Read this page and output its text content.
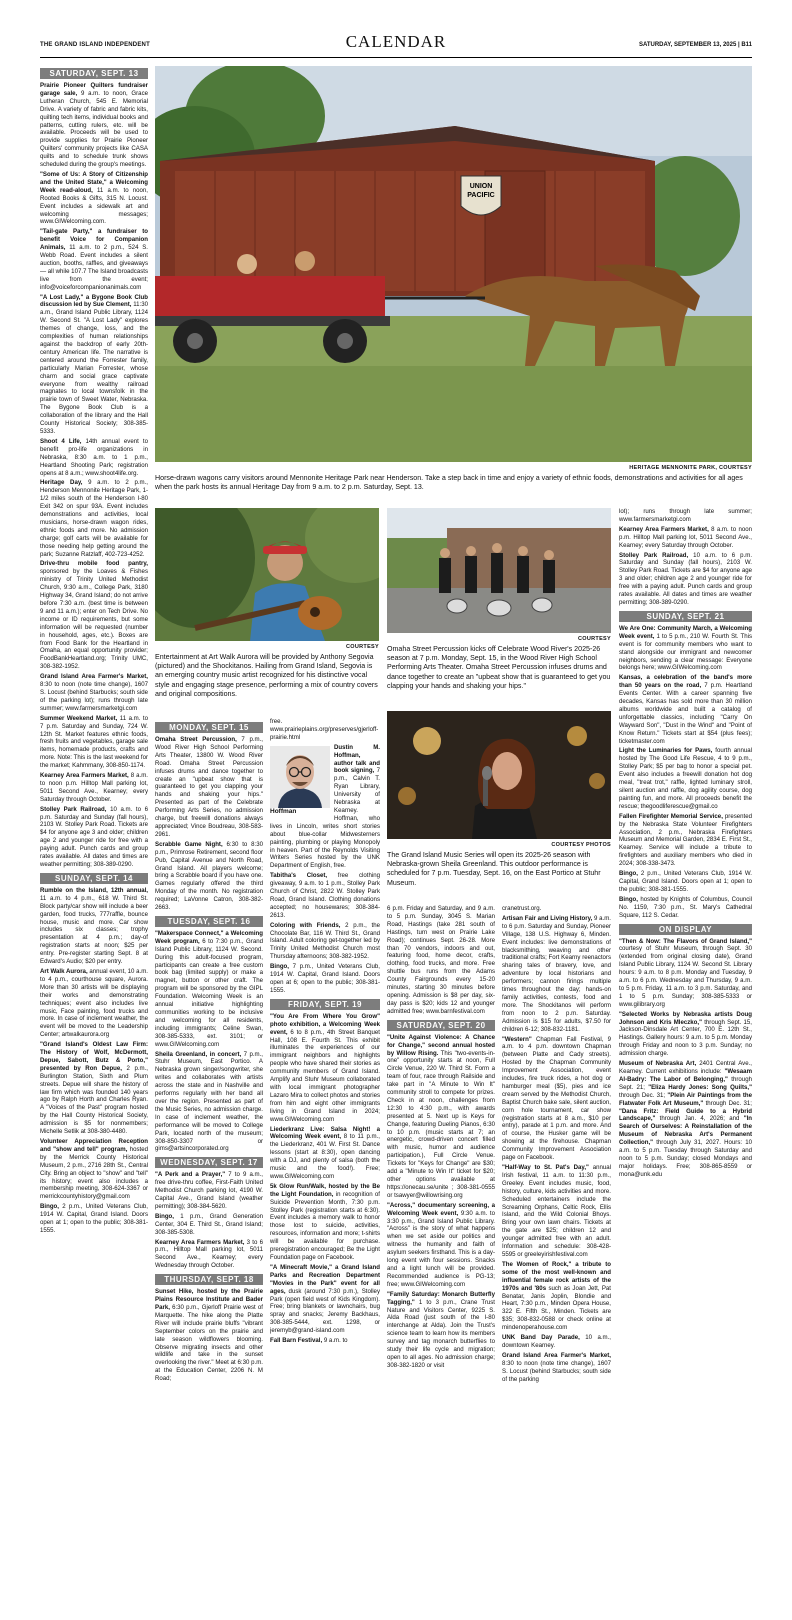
THE GRAND ISLAND INDEPENDENT	CALENDAR	SATURDAY, SEPTEMBER 13, 2025 | B11
UNION
PACIFIC
HERITAGE MENNONITE PARK, COURTESY
Horse-drawn wagons carry visitors around Mennonite Heritage Park near Henderson. Take a step back in time and enjoy a variety of ethnic foods, demonstrations and activities for all ages when the park hosts its annual Heritage Day from 9 a.m. to 2 p.m. Saturday, Sept. 13.
COURTESY
Entertainment at Art Walk Aurora will be provided by Anthony Segovia (pictured) and the Shockitanos. Hailing from Grand Island, Segovia is an emerging country music artist recognized for his distinctive vocal style and engaging stage presence, performing a mix of country covers and original compositions.
COURTESY
Omaha Street Percussion kicks off Celebrate Wood River's 2025-26 season at 7 p.m. Monday, Sept. 15, in the Wood River High School Performing Arts Theater. Omaha Street Percussion infuses drums and dance together to create an "upbeat show that is guaranteed to get you clapping your hands and shaking your hips."
COURTESY PHOTOS
The Grand Island Music Series will open its 2025-26 season with Nebraska-grown Sheila Greenland. This outdoor performance is scheduled for 7 p.m. Tuesday, Sept. 16, on the East Portico at Stuhr Museum.
SATURDAY, SEPT. 13

Prairie Pioneer Quilters fundraiser garage sale, 9 a.m. to noon, Grace Lutheran Church, 545 E. Memorial Drive. A variety of fabric and fabric kits, quilting tech items, individual books and patterns, cutting rulers, etc. will be available. Proceeds will be used to provide supplies for Prairie Pioneer Quilters' community projects like CASA quilts and to schedule trunk shows scheduled during the group's meetings.

"Some of Us: A Story of Citizenship and the United State," a Welcoming Week read-aloud, 11 a.m. to noon, Rooted Books & Gifts, 315 N. Locust. Event includes a sidewalk art and welcoming messages; www.GIWelcoming.com.

"Tail-gate Party," a fundraiser to benefit Voice for Companion Animals, 11 a.m. to 2 p.m., 524 S. Webb Road. Event includes a silent auction, booths, raffles, and giveaways — all while 107.7 The Island broadcasts live from the event; info@voiceforcompanionanimals.com

"A Lost Lady," a Bygone Book Club discussion led by Sue Clement, 11:30 a.m., Grand Island Public Library, 1124 W. Second St. "A Lost Lady" explores themes of change, loss, and the complexities of human relationships against the backdrop of early 20th-century American life. The narrative is centered around the Forrester family, particularly Marian Forrester, whose charm and social grace captivate everyone from wealthy railroad magnates to local townsfolk in the prairie town of Sweet Water, Nebraska. The Bygone Book Club is a collaboration of the library and the Hall County Historical Society; 308-385-5333.

Shoot 4 Life, 14th annual event to benefit pro-life organizations in Nebraska, 8:30 a.m. to 1 p.m., Heartland Shooting Park; registration opens at 8 a.m.; www.shoot4life.org.

Heritage Day, 9 a.m. to 2 p.m., Henderson Mennonite Heritage Park, 1-1/2 miles south of the Henderson I-80 Exit 342 on spur 93A. Event includes demonstrations and activities, local musicians, horse-drawn wagon rides, ethnic foods and more. No admission charge; golf carts will be available for those needing help getting around the park; Suzanne Ratzlaff, 402-723-4252.

Drive-thru mobile food pantry, sponsored by the Loaves & Fishes ministry of Trinity United Methodist Church, 9:30 a.m., College Park, 3180 Highway 34, Grand Island; do not arrive before 7:30 a.m. (best time is between 9 and 11 a.m.); enter on Tech Drive. No income or ID requirements, but some information will be requested (number in household, ages, etc.). Boxes are from Food Bank for the Heartland in Omaha, an equal opportunity provider; FoodBankHeartland.org; Trinity UMC, 308-382-1952.

Grand Island Area Farmer's Market, 8:30 to noon (note time change), 1607 S. Locust (behind Starbucks; south side of the parking lot); runs through late summer; www.farmersmarketgi.com

Summer Weekend Market, 11 a.m. to 7 p.m. Saturday and Sunday, 724 W. 12th St. Market features ethnic foods, fresh fruits and vegetables, garage sale items, homemade products, crafts and more. Note: This is the last weekend for the market; Kahmmany, 308-850-1174.

Kearney Area Farmers Market, 8 a.m. to noon p.m. Hilltop Mall parking lot, 5011 Second Ave., Kearney; every Saturday through October.

Stolley Park Railroad, 10 a.m. to 6 p.m. Saturday and Sunday (fall hours), 2103 W. Stolley Park Road. Tickets are $4 for anyone age 3 and older; children age 2 and younger ride for free with a paying adult. Punch cards and group rates available. All dates and times are weather permitting; 308-389-0290.

SUNDAY, SEPT. 14

Rumble on the Island, 12th annual, 11 a.m. to 4 p.m., 618 W. Third St. Block party/car show will include a beer garden, food trucks, 777raffle, bounce house, music and more. Car show includes six classes; trophy presentation at 4 p.m.; day-of registration starts at noon; $25 per entry. Pre-register starting Sept. 8 at Edward's Audio; $20 per entry.

Art Walk Aurora, annual event, 10 a.m. to 4 p.m., courthouse square, Aurora. More than 30 artists will be displaying their works and demonstrating techniques; event also includes live music, Face painting, food trucks and more. In case of inclement weather, the event will be moved to the Leadership Center; artwalkaurora.org

"Grand Island's Oldest Law Firm: The History of Wolf, McDermott, Depue, Sabott, Butz & Porto," presented by Ron Depue, 2 p.m., Burlington Station, Sixth and Plum streets. Depue will share the history of law firm which was founded 140 years ago by Ralph Horth and Charles Ryan. A "Voices of the Past" program hosted by the Hall County Historical Society, admission is $5 for nonmembers; Michelle Setlik at 308-380-4480.

Volunteer Appreciation Reception and "show and tell" program, hosted by the Merrick County Historical Museum, 2 p.m., 2716 28th St., Central City. Bring an object to "show" and "tell" its history; event also includes a membership meeting, 308-624-3367 or merrickcountyhistory@gmail.com

Bingo, 2 p.m., United Veterans Club, 1914 W. Capital, Grand Island. Doors open at 1; open to the public; 308-381-1555.

MONDAY, SEPT. 15

Omaha Street Percussion, 7 p.m., Wood River High School Performing Arts Theater, 13800 W. Wood River Road. Omaha Street Percussion infuses drums and dance together to create an "upbeat show that is guaranteed to get you clapping your hands and shaking your hips." Presented as part of the Celebrate Performing Arts Series, no admission charge, but freewill donations always appreciated; Vince Boudreau, 308-583-2961.

Scrabble Game Night, 6:30 to 8:30 p.m., Primrose Retirement, second floor Pub, Capital Avenue and North Road, Grand Island. All players welcome; bring a Scrabble board if you have one. Games regularly offered the third Monday of the month. No registration required; LaVonne Catron, 308-382-2663.

TUESDAY, SEPT. 16

"Makerspace Connect," a Welcoming Week program, 6 to 7:30 p.m., Grand Island Public Library, 1124 W. Second. During this adult-focused program, participants can create a free custom book bag (limited supply) or make a magnet, button or other craft. The program will be sponsored by the GIPL Foundation. Welcoming Week is an annual initiative highlighting communities working to be inclusive and welcoming for all residents, including immigrants; Celine Swan, 308-385-5333, ext. 3101; or www.GIWelcoming.com

Sheila Greenland, in concert, 7 p.m., Stuhr Museum, East Portico. A Nebraska grown singer/songwriter, she writes and collaborates with artists across the state and in Nashville and performs regularly with her band all over the region. Presented as part of the Music Series, no admission charge. In case of inclement weather, the performance will be moved to College Park, located north of the museum; 308-850-3307 or gims@artsincorporated.org

WEDNESDAY, SEPT. 17

"A Perk and a Prayer," 7 to 9 a.m., free drive-thru coffee, First-Faith United Methodist Church parking lot, 4190 W. Capital Ave., Grand Island (weather permitting); 308-384-5620.

Bingo, 1 p.m., Grand Generation Center, 304 E. Third St., Grand Island; 308-385-5308.

Kearney Area Farmers Market, 3 to 6 p.m., Hilltop Mall parking lot, 5011 Second Ave., Kearney; every Wednesday through October.

THURSDAY, SEPT. 18

Sunset Hike, hosted by the Prairie Plains Resource Institute and Bader Park, 6:30 p.m., Gjerloff Prairie west of Marquette. The hike along the Platte River will include prairie bluffs "vibrant September colors on the prairie and late season wildflowers blooming. Observe migrating insects and other wildlife and take in the sunset overlooking the river." Meet at 6:30 p.m. at the Education Center, 2206 N. M Road;

free. www.prairieplains.org/preserves/gjerloff-prairie.html

Hoffman

Dustin M. Hoffman, author talk and book signing, 7 p.m., Calvin T. Ryan Library, University of Nebraska at Kearney. Hoffman, who lives in Lincoln, writes short stories about blue-collar Midwesterners painting, plumbing or playing Monopoly in heaven. Part of the Reynolds Visiting Writers Series hosted by the UNK Department of English, free.

Tabitha's Closet, free clothing giveaway, 9 a.m. to 1 p.m., Stolley Park Church of Christ, 2822 W. Stolley Park Road, Grand Island. Clothing donations accepted; no housewares; 308-384-2613.

Coloring with Friends, 2 p.m., the Chocolate Bar, 116 W. Third St., Grand Island. Adult coloring get-together led by Trinity United Methodist Church most Thursday afternoons; 308-382-1952.

Bingo, 7 p.m., United Veterans Club, 1914 W. Capital, Grand Island. Doors open at 6; open to the public; 308-381-1555.

FRIDAY, SEPT. 19

"You Are From Where You Grow" photo exhibition, a Welcoming Week event, 6 to 8 p.m., 4th Street Banquet Hall, 108 E. Fourth St. This exhibit illuminates the experiences of our immigrant neighbors and highlights people who have shared their stories as community members of Grand Island. Amplify and Stuhr Museum collaborated with local immigrant photographer Lazaro Mira to collect photos and stories from him and eight other immigrants living in Grand Island in 2024; www.GIWelcoming.com

Liederkranz Live: Salsa Night! a Welcoming Week event, 8 to 11 p.m., the Liederkranz, 401 W. First St. Dance lessons (start at 8:30), open dancing with a DJ, and plenty of salsa (both the music and the food!). Free; www.GIWelcoming.com

5k Glow Run/Walk, hosted by the Be the Light Foundation, in recognition of Suicide Prevention Month, 7:30 p.m. Stolley Park (registration starts at 6:30). Event includes a memory walk to honor those lost to suicide, activities, resources, information and more; t-shirts will be available for purchase. preregistration encouraged; Be the Light Foundation page on Facebook.

"A Minecraft Movie," a Grand Island Parks and Recreation Department "Movies in the Park" event for all ages, dusk (around 7:30 p.m.), Stolley Park (open field west of Kids Kingdom). Free; bring blankets or lawnchairs, bug spray and snacks; Jeremy Backhaus, 308-385-5444, ext. 1298, or jeremyb@grand-island.com

Fall Barn Festival, 9 a.m. to

6 p.m. Friday and Saturday, and 9 a.m. to 5 p.m. Sunday, 3045 S. Marian Road, Hastings (take 281 south of Hastings, turn west on Prairie Lake Road); continues Sept. 26-28. More than 70 vendors, indoors and out, featuring food, home decor, crafts, clothing, food trucks, and more. Free shuttle bus runs from the Adams County Fairgrounds every 15-20 minutes, starting 30 minutes before opening. Admission is $8 per day, six-day pass is $20; kids 12 and younger admitted free; www.barnfestival.com

SATURDAY, SEPT. 20

"Unite Against Violence: A Chance for Change," second annual hosted by Willow Rising. This "two-events-in-one" opportunity starts at noon, Full Circle Venue, 220 W. Third St. Form a team of four, race through Railside and take part in "A Minute to Win It" community stroll to compete for prizes. Check in at noon, challenges from 12:30 to 4:30 p.m., with awards presented at 5. Next up is Keys for Change, featuring Dueling Pianos, 6:30 to 10 p.m. (music starts at 7; an energetic, crowd-driven concert filled with music, humor and audience participation.), Full Circle Venue. Tickets for "Keys for Change" are $30; add a "Minute to Win It" ticket for $20; other options available at https://onecau.se/unite ; 308-381-0555 or tsawyer@willowrising.org

"Across," documentary screening, a Welcoming Week event, 9:30 a.m. to 3:30 p.m., Grand Island Public Library. "Across" is the story of what happens when we set aside our politics and witness the humanity and faith of asylum seekers firsthand. This is a day-long event with four sessions. Snacks and a light lunch will be provided. Recommended audience is PG-13; free; www.GIWelcoming.com

"Family Saturday: Monarch Butterfly Tagging," 1 to 3 p.m., Crane Trust Nature and Visitors Center, 9225 S. Alda Road (just south of the I-80 interchange at Alda). Join the Trust's science team to learn how its members survey and tag monarch butterflies to study their life cycle and migration; open to all ages. No admission charge; 308-382-1820 or visit

cranetrust.org.

Artisan Fair and Living History, 9 a.m. to 6 p.m. Saturday and Sunday, Pioneer Village, 138 U.S. Highway 6, Minden. Event includes: live demonstrations of blacksmithing, weaving and other traditional crafts; Fort Kearny reenactors sharing tales of bravery, love, and adventure by local historians and performers; cannon firings multiple times throughout the day; hands-on family activities, contests, food and more. The Shockitanos will perform from noon to 2 p.m. Saturday. Admission is $15 for adults, $7.50 for children 6-12; 308-832-1181.

"Western" Chapman Fall Festival, 9 a.m. to 4 p.m. downtown Chapman (between Platte and Cady streets). Hosted by the Chapman Community Improvement Association, event includes, fire truck rides, a hot dog or hamburger meal ($5), pies and ice cream served by the Methodist Church, Baptist Church bake sale, silent auction, corn hole tournament, car show (registration starts at 8 a.m., $10 per entry), parade at 1 p.m. and more. And of course, the Husker game will be showing at the firehouse. Chapman Community Improvement Association page on Facebook.

"Half-Way to St. Pat's Day," annual Irish festival, 11 a.m. to 11:30 p.m., Greeley. Event includes music, food, history, culture, kids activities and more. Scheduled entertainers include the Screaming Orphans, Celtic Rock, Ellis Island, and the Wild Colonial Bhoys. Bring your own lawn chairs. Tickets at the gate are $25; children 12 and younger admitted free with an adult. Information and schedule: 308-428-5595 or greeleyirishfestival.com

The Women of Rock," a tribute to some of the most well-known and influential female rock artists of the 1970s and '80s such as Joan Jett, Pat Benatar, Janis Joplin, Blondie and Heart, 7:30 p.m., Minden Opera House, 322 E. Fifth St., Minden. Tickets are $35; 308-832-0588 or check online at mindenoperahouse.com

UNK Band Day Parade, 10 a.m., downtown Kearney.

Grand Island Area Farmer's Market, 8:30 to noon (note time change), 1607 S. Locust (behind Starbucks; south side of the parking

lot); runs through late summer; www.farmersmarketgi.com

Kearney Area Farmers Market, 8 a.m. to noon p.m. Hilltop Mall parking lot, 5011 Second Ave., Kearney; every Saturday through October.

Stolley Park Railroad, 10 a.m. to 6 p.m. Saturday and Sunday (fall hours), 2103 W. Stolley Park Road. Tickets are $4 for anyone age 3 and older; children age 2 and younger ride for free with a paying adult. Punch cards and group rates available. All dates and times are weather permitting; 308-389-0290.

SUNDAY, SEPT. 21

We Are One: Community March, a Welcoming Week event, 1 to 5 p.m., 210 W. Fourth St. This event is for community members who want to stand alongside our immigrant and newcomer neighbors, sending a clear message: Everyone belongs here; www.GIWelcoming.com

Kansas, a celebration of the band's more than 50 years on the road, 7 p.m. Heartland Events Center. With a career spanning five decades, Kansas has sold more than 30 million albums worldwide and built a catalog of unforgettable classics, including "Carry On Wayward Son", "Dust in the Wind" and "Point of Know Return." Tickets start at $54 (plus fees); ticketmaster.com

Light the Luminaries for Paws, fourth annual hosted by The Good Life Rescue, 4 to 9 p.m., Stolley Park; $5 per bag to honor a special pet. Event also includes a freewill donation hot dog meal, "treat trot," raffle, lighted luminary stroll, silent auction and raffle, dog agility course, dog painting fun, and more. All proceeds benefit the rescue; thegoodliferescue@gmail.co

Fallen Firefighter Memorial Service, presented by the Nebraska State Volunteer Firefighters Association, 2 p.m., Nebraska Firefighters Museum and Memorial Garden, 2834 E. First St., Kearney. Service will include a tribute to firefighters and auxiliary members who died in 2024; 308-338-3473.

Bingo, 2 p.m., United Veterans Club, 1914 W. Capital, Grand Island. Doors open at 1; open to the public; 308-381-1555.

Bingo, hosted by Knights of Columbus, Council No. 1159, 7:30 p.m., St. Mary's Cathedral Square, 112 S. Cedar.

ON DISPLAY

"Then & Now: The Flavors of Grand Island," courtesy of Stuhr Museum, through Sept. 30 (extended from original closing date), Grand Island Public Library, 1124 W. Second St. Library hours: 9 a.m. to 8 p.m. Monday and Tuesday, 9 a.m. to 6 p.m. Wednesday and Thursday, 9 a.m. to 5 p.m. Friday, 11 a.m. to 3 p.m. Saturday, and 1 to 5 p.m. Sunday; 308-385-5333 or www.gilibrary.org

"Selected Works by Nebraska artists Doug Johnson and Kris Mleczko," through Sept. 15, Jackson-Dinsdale Art Center, 700 E. 12th St., Hastings. Gallery hours: 9 a.m. to 5 p.m. Monday through Friday and noon to 3 p.m. Sunday; no admission charge.

Museum of Nebraska Art, 2401 Central Ave., Kearney. Current exhibitions include: "Wesaam Al-Badry: The Labor of Belonging," through Sept. 21; "Eliza Hardy Jones: Song Quilts," through Dec. 31; "Plein Air Paintings from the Flatwater Folk Art Museum," through Dec. 31; "Dana Fritz: Field Guide to a Hybrid Landscape," through Jan. 4, 2026; and "In Search of Ourselves: A Reinstallation of the Museum of Nebraska Art's Permanent Collection," through July 31, 2027. Hours: 10 a.m. to 5 p.m. Tuesday through Saturday and noon to 5 p.m. Sunday; closed Mondays and major holidays. Free; 308-865-8559 or mona@unk.edu
